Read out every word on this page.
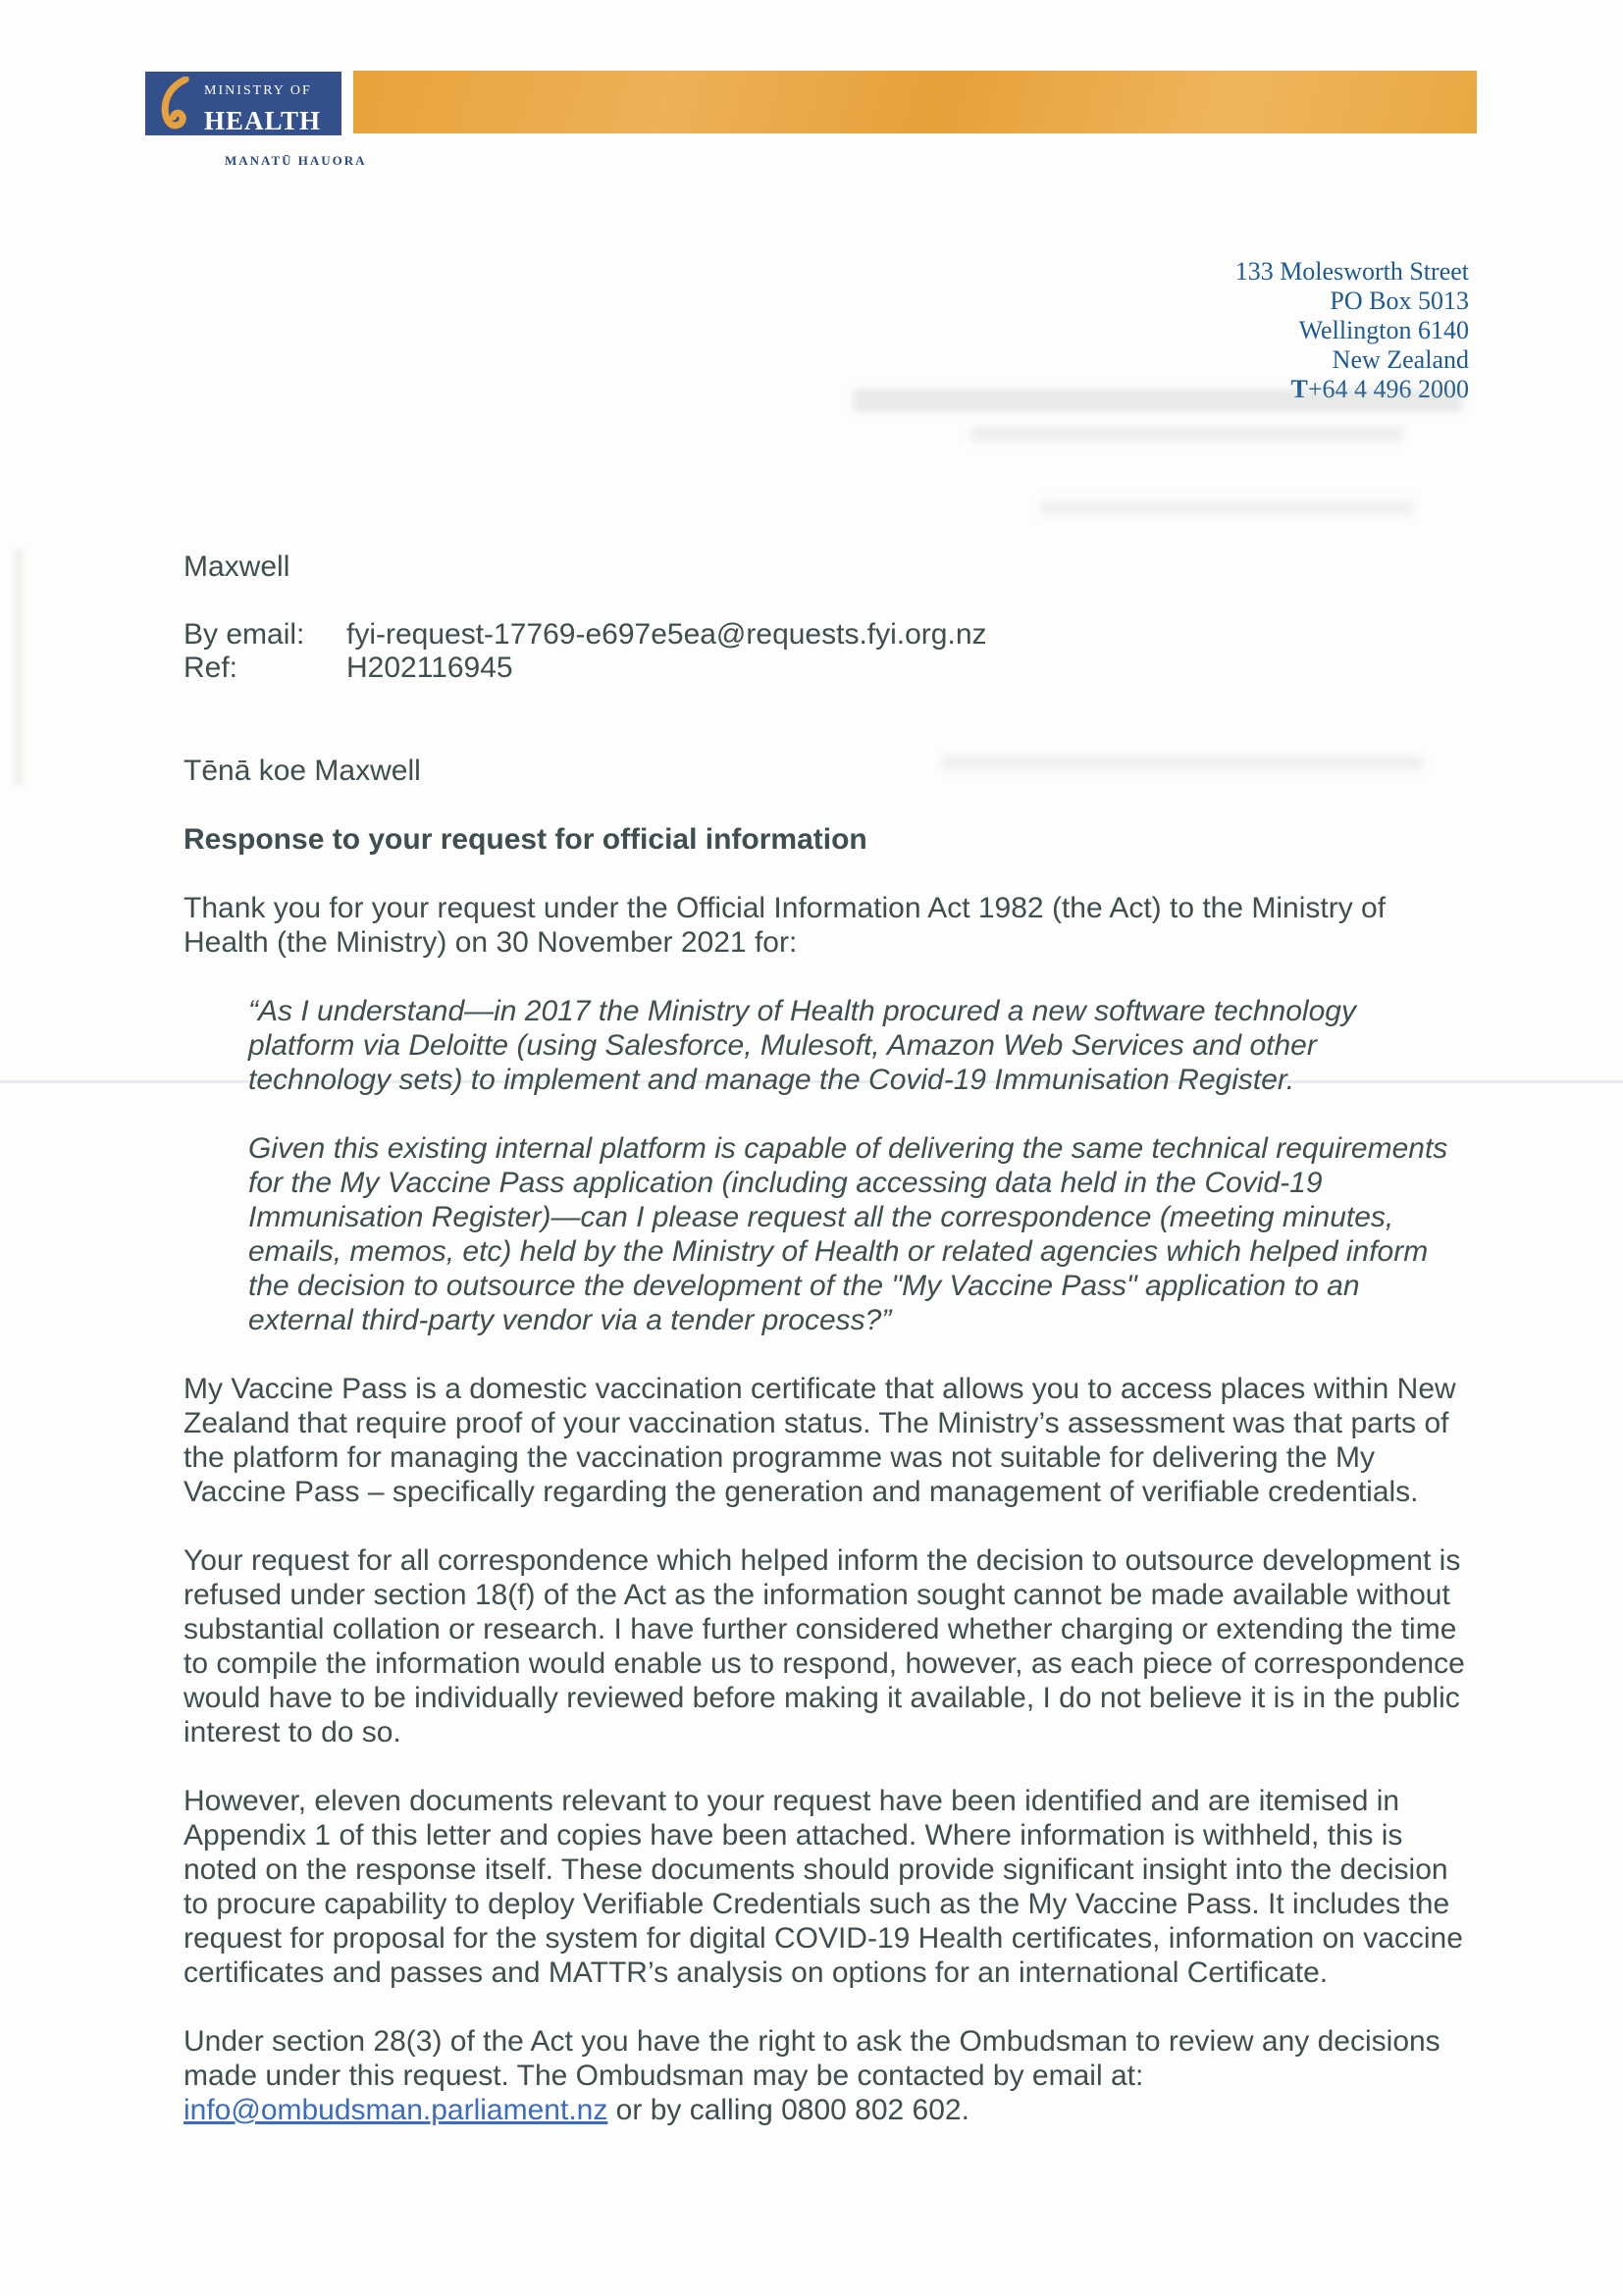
MINISTRY OF
HEALTH
MANATŪ HAUORA
133 Molesworth Street
PO Box 5013
Wellington 6140
New Zealand
T+64 4 496 2000
Maxwell
By email:	fyi-request-17769-e697e5ea@requests.fyi.org.nz
Ref:	H202116945
Tēnā koe Maxwell
Response to your request for official information

Thank you for your request under the Official Information Act 1982 (the Act) to the Ministry of Health (the Ministry) on 30 November 2021 for:

“As I understand—in 2017 the Ministry of Health procured a new software technology platform via Deloitte (using Salesforce, Mulesoft, Amazon Web Services and other technology sets) to implement and manage the Covid-19 Immunisation Register.

Given this existing internal platform is capable of delivering the same technical requirements for the My Vaccine Pass application (including accessing data held in the Covid-19 Immunisation Register)—can I please request all the correspondence (meeting minutes, emails, memos, etc) held by the Ministry of Health or related agencies which helped inform the decision to outsource the development of the "My Vaccine Pass" application to an external third-party vendor via a tender process?”

My Vaccine Pass is a domestic vaccination certificate that allows you to access places within New Zealand that require proof of your vaccination status. The Ministry’s assessment was that parts of the platform for managing the vaccination programme was not suitable for delivering the My Vaccine Pass – specifically regarding the generation and management of verifiable credentials.

Your request for all correspondence which helped inform the decision to outsource development is refused under section 18(f) of the Act as the information sought cannot be made available without substantial collation or research. I have further considered whether charging or extending the time to compile the information would enable us to respond, however, as each piece of correspondence would have to be individually reviewed before making it available, I do not believe it is in the public interest to do so.

However, eleven documents relevant to your request have been identified and are itemised in Appendix 1 of this letter and copies have been attached. Where information is withheld, this is noted on the response itself. These documents should provide significant insight into the decision to procure capability to deploy Verifiable Credentials such as the My Vaccine Pass. It includes the request for proposal for the system for digital COVID-19 Health certificates, information on vaccine certificates and passes and MATTR’s analysis on options for an international Certificate.

Under section 28(3) of the Act you have the right to ask the Ombudsman to review any decisions made under this request. The Ombudsman may be contacted by email at: info@ombudsman.parliament.nz or by calling 0800 802 602.
